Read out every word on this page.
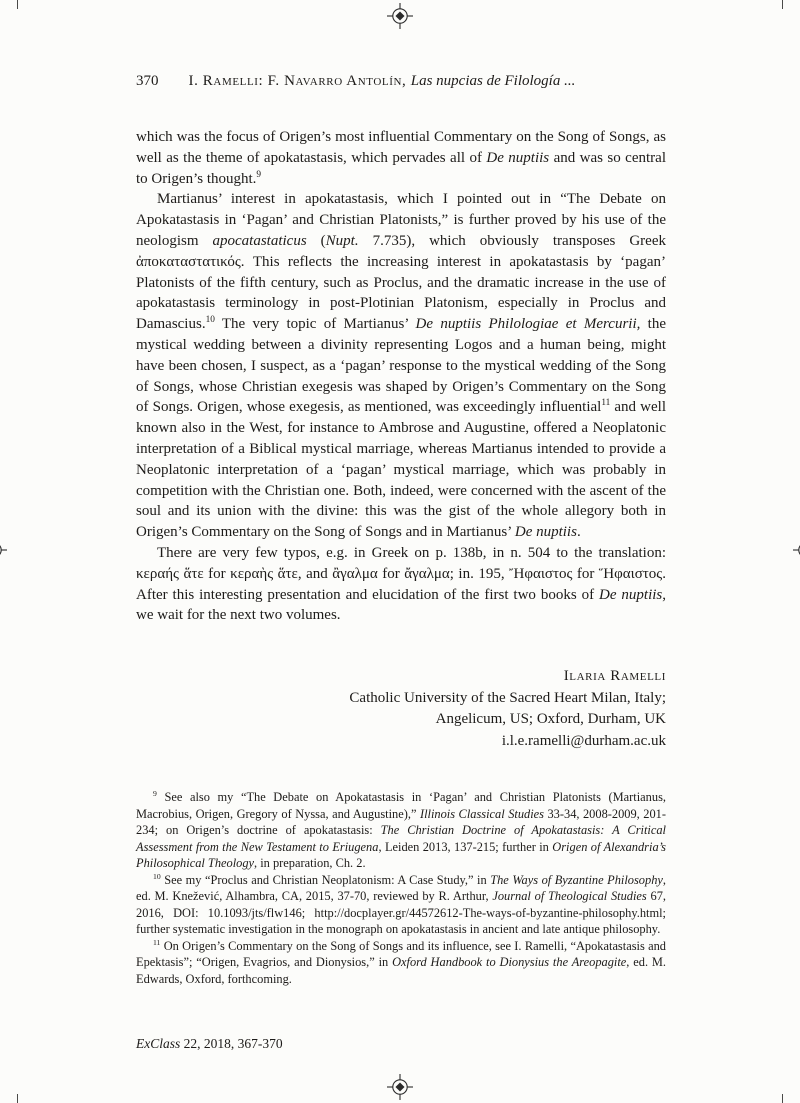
370 I. Ramelli: F. Navarro Antolín, Las nupcias de Filología ...

which was the focus of Origen’s most influential Commentary on the Song of Songs, as well as the theme of apokatastasis, which pervades all of De nuptiis and was so central to Origen’s thought.$^9$

Martianus’ interest in apokatastasis, which I pointed out in “The Debate on Apokatastasis in ‘Pagan’ and Christian Platonists,” is further proved by his use of the neologism apocatastaticus (Nupt. 7.735), which obviously transposes Greek ἀποκαταστατικός. This reflects the increasing interest in apokatastasis by ‘pagan’ Platonists of the fifth century, such as Proclus, and the dramatic increase in the use of apokatastasis terminology in post-Plotinian Platonism, especially in Proclus and Damascius.$^{10}$ The very topic of Martianus’ De nuptiis Philologiae et Mercurii, the mystical wedding between a divinity representing Logos and a human being, might have been chosen, I suspect, as a ‘pagan’ response to the mystical wedding of the Song of Songs, whose Christian exegesis was shaped by Origen’s Commentary on the Song of Songs. Origen, whose exegesis, as mentioned, was exceedingly influential$^{11}$ and well known also in the West, for instance to Ambrose and Augustine, offered a Neoplatonic interpretation of a Biblical mystical marriage, whereas Martianus intended to provide a Neoplatonic interpretation of a ‘pagan’ mystical marriage, which was probably in competition with the Christian one. Both, indeed, were concerned with the ascent of the soul and its union with the divine: this was the gist of the whole allegory both in Origen’s Commentary on the Song of Songs and in Martianus’ De nuptiis.

There are very few typos, e.g. in Greek on p. 138b, in n. 504 to the translation: κεραής ἅτε for κεραὴς ἅτε, and ἂγαλμα for ἄγαλμα; in. 195, Ἤφαιστος for Ἥφαιστος. After this interesting presentation and elucidation of the first two books of De nuptiis, we wait for the next two volumes.

Ilaria Ramelli
Catholic University of the Sacred Heart Milan, Italy;
Angelicum, US; Oxford, Durham, UK
i.l.e.ramelli@durham.ac.uk

$^9$ See also my “The Debate on Apokatastasis in ‘Pagan’ and Christian Platonists (Martianus, Macrobius, Origen, Gregory of Nyssa, and Augustine),” Illinois Classical Studies 33-34, 2008-2009, 201-234; on Origen’s doctrine of apokatastasis: The Christian Doctrine of Apokatastasis: A Critical Assessment from the New Testament to Eriugena, Leiden 2013, 137-215; further in Origen of Alexandria’s Philosophical Theology, in preparation, Ch. 2.

$^{10}$ See my “Proclus and Christian Neoplatonism: A Case Study,” in The Ways of Byzantine Philosophy, ed. M. Knežević, Alhambra, CA, 2015, 37-70, reviewed by R. Arthur, Journal of Theological Studies 67, 2016, DOI: 10.1093/jts/flw146; http://docplayer.gr/44572612-The-ways-of-byzantine-philosophy.html; further systematic investigation in the monograph on apokatastasis in ancient and late antique philosophy.

$^{11}$ On Origen’s Commentary on the Song of Songs and its influence, see I. Ramelli, “Apokatastasis and Epektasis”; “Origen, Evagrios, and Dionysios,” in Oxford Handbook to Dionysius the Areopagite, ed. M. Edwards, Oxford, forthcoming.

ExClass 22, 2018, 367-370
